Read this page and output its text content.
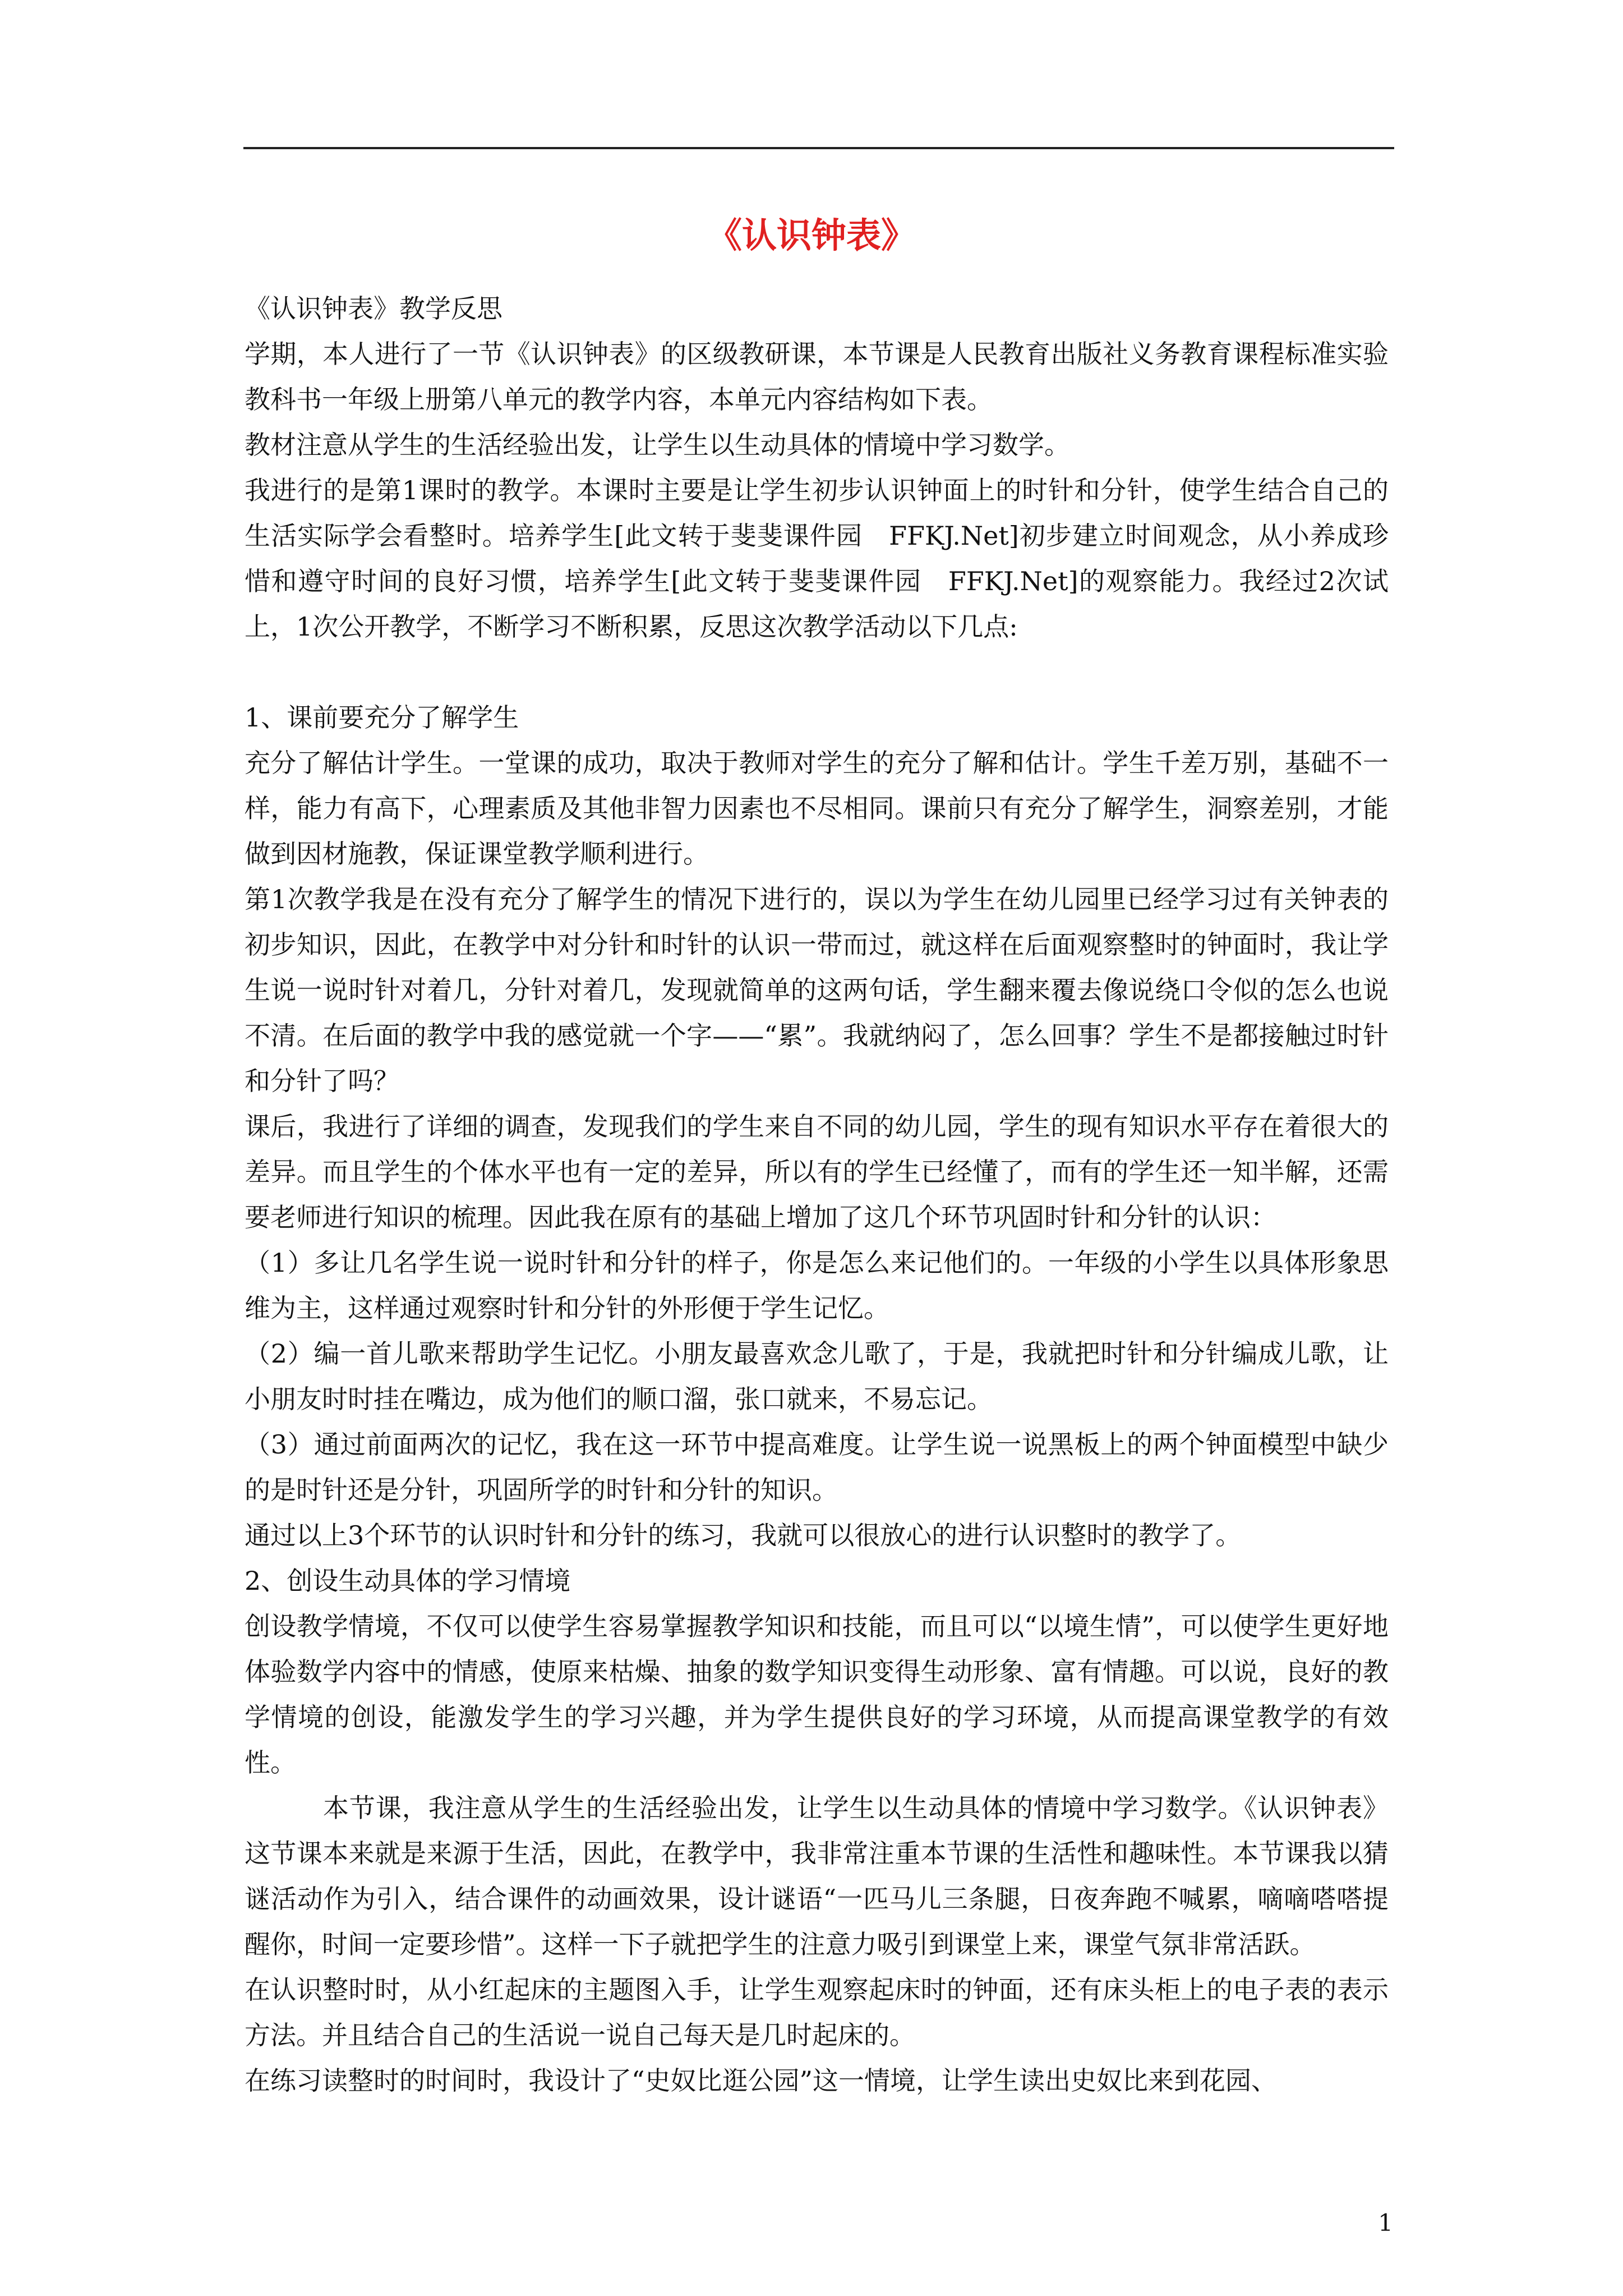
《认识钟表》

《认识钟表》教学反思

学期，本人进行了一节《认识钟表》的区级教研课，本节课是人民教育出版社义务教育课程标准实验教科书一年级上册第八单元的教学内容，本单元内容结构如下表。

教材注意从学生的生活经验出发，让学生以生动具体的情境中学习数学。

我进行的是第1课时的教学。本课时主要是让学生初步认识钟面上的时针和分针，使学生结合自己的生活实际学会看整时。培养学生[此文转于斐斐课件园　FFKJ.Net]初步建立时间观念，从小养成珍惜和遵守时间的良好习惯，培养学生[此文转于斐斐课件园　FFKJ.Net]的观察能力。我经过2次试上，1次公开教学，不断学习不断积累，反思这次教学活动以下几点:

1、课前要充分了解学生

充分了解估计学生。一堂课的成功，取决于教师对学生的充分了解和估计。学生千差万别，基础不一样，能力有高下，心理素质及其他非智力因素也不尽相同。课前只有充分了解学生，洞察差别，才能做到因材施教，保证课堂教学顺利进行。

第1次教学我是在没有充分了解学生的情况下进行的，误以为学生在幼儿园里已经学习过有关钟表的初步知识，因此，在教学中对分针和时针的认识一带而过，就这样在后面观察整时的钟面时，我让学生说一说时针对着几，分针对着几，发现就简单的这两句话，学生翻来覆去像说绕口令似的怎么也说不清。在后面的教学中我的感觉就一个字——“累”。我就纳闷了，怎么回事？学生不是都接触过时针和分针了吗？

课后，我进行了详细的调查，发现我们的学生来自不同的幼儿园，学生的现有知识水平存在着很大的差异。而且学生的个体水平也有一定的差异，所以有的学生已经懂了，而有的学生还一知半解，还需要老师进行知识的梳理。因此我在原有的基础上增加了这几个环节巩固时针和分针的认识：

（1）多让几名学生说一说时针和分针的样子，你是怎么来记他们的。一年级的小学生以具体形象思维为主，这样通过观察时针和分针的外形便于学生记忆。

（2）编一首儿歌来帮助学生记忆。小朋友最喜欢念儿歌了，于是，我就把时针和分针编成儿歌，让小朋友时时挂在嘴边，成为他们的顺口溜，张口就来，不易忘记。

（3）通过前面两次的记忆，我在这一环节中提高难度。让学生说一说黑板上的两个钟面模型中缺少的是时针还是分针，巩固所学的时针和分针的知识。

通过以上3个环节的认识时针和分针的练习，我就可以很放心的进行认识整时的教学了。

2、创设生动具体的学习情境

创设教学情境，不仅可以使学生容易掌握教学知识和技能，而且可以“以境生情”，可以使学生更好地体验数学内容中的情感，使原来枯燥、抽象的数学知识变得生动形象、富有情趣。可以说，良好的教学情境的创设，能激发学生的学习兴趣，并为学生提供良好的学习环境，从而提高课堂教学的有效性。

本节课，我注意从学生的生活经验出发，让学生以生动具体的情境中学习数学。《认识钟表》这节课本来就是来源于生活，因此，在教学中，我非常注重本节课的生活性和趣味性。本节课我以猜谜活动作为引入，结合课件的动画效果，设计谜语“一匹马儿三条腿，日夜奔跑不喊累，嘀嘀嗒嗒提醒你，时间一定要珍惜”。这样一下子就把学生的注意力吸引到课堂上来，课堂气氛非常活跃。

在认识整时时，从小红起床的主题图入手，让学生观察起床时的钟面，还有床头柜上的电子表的表示方法。并且结合自己的生活说一说自己每天是几时起床的。

在练习读整时的时间时，我设计了“史奴比逛公园”这一情境，让学生读出史奴比来到花园、

1
